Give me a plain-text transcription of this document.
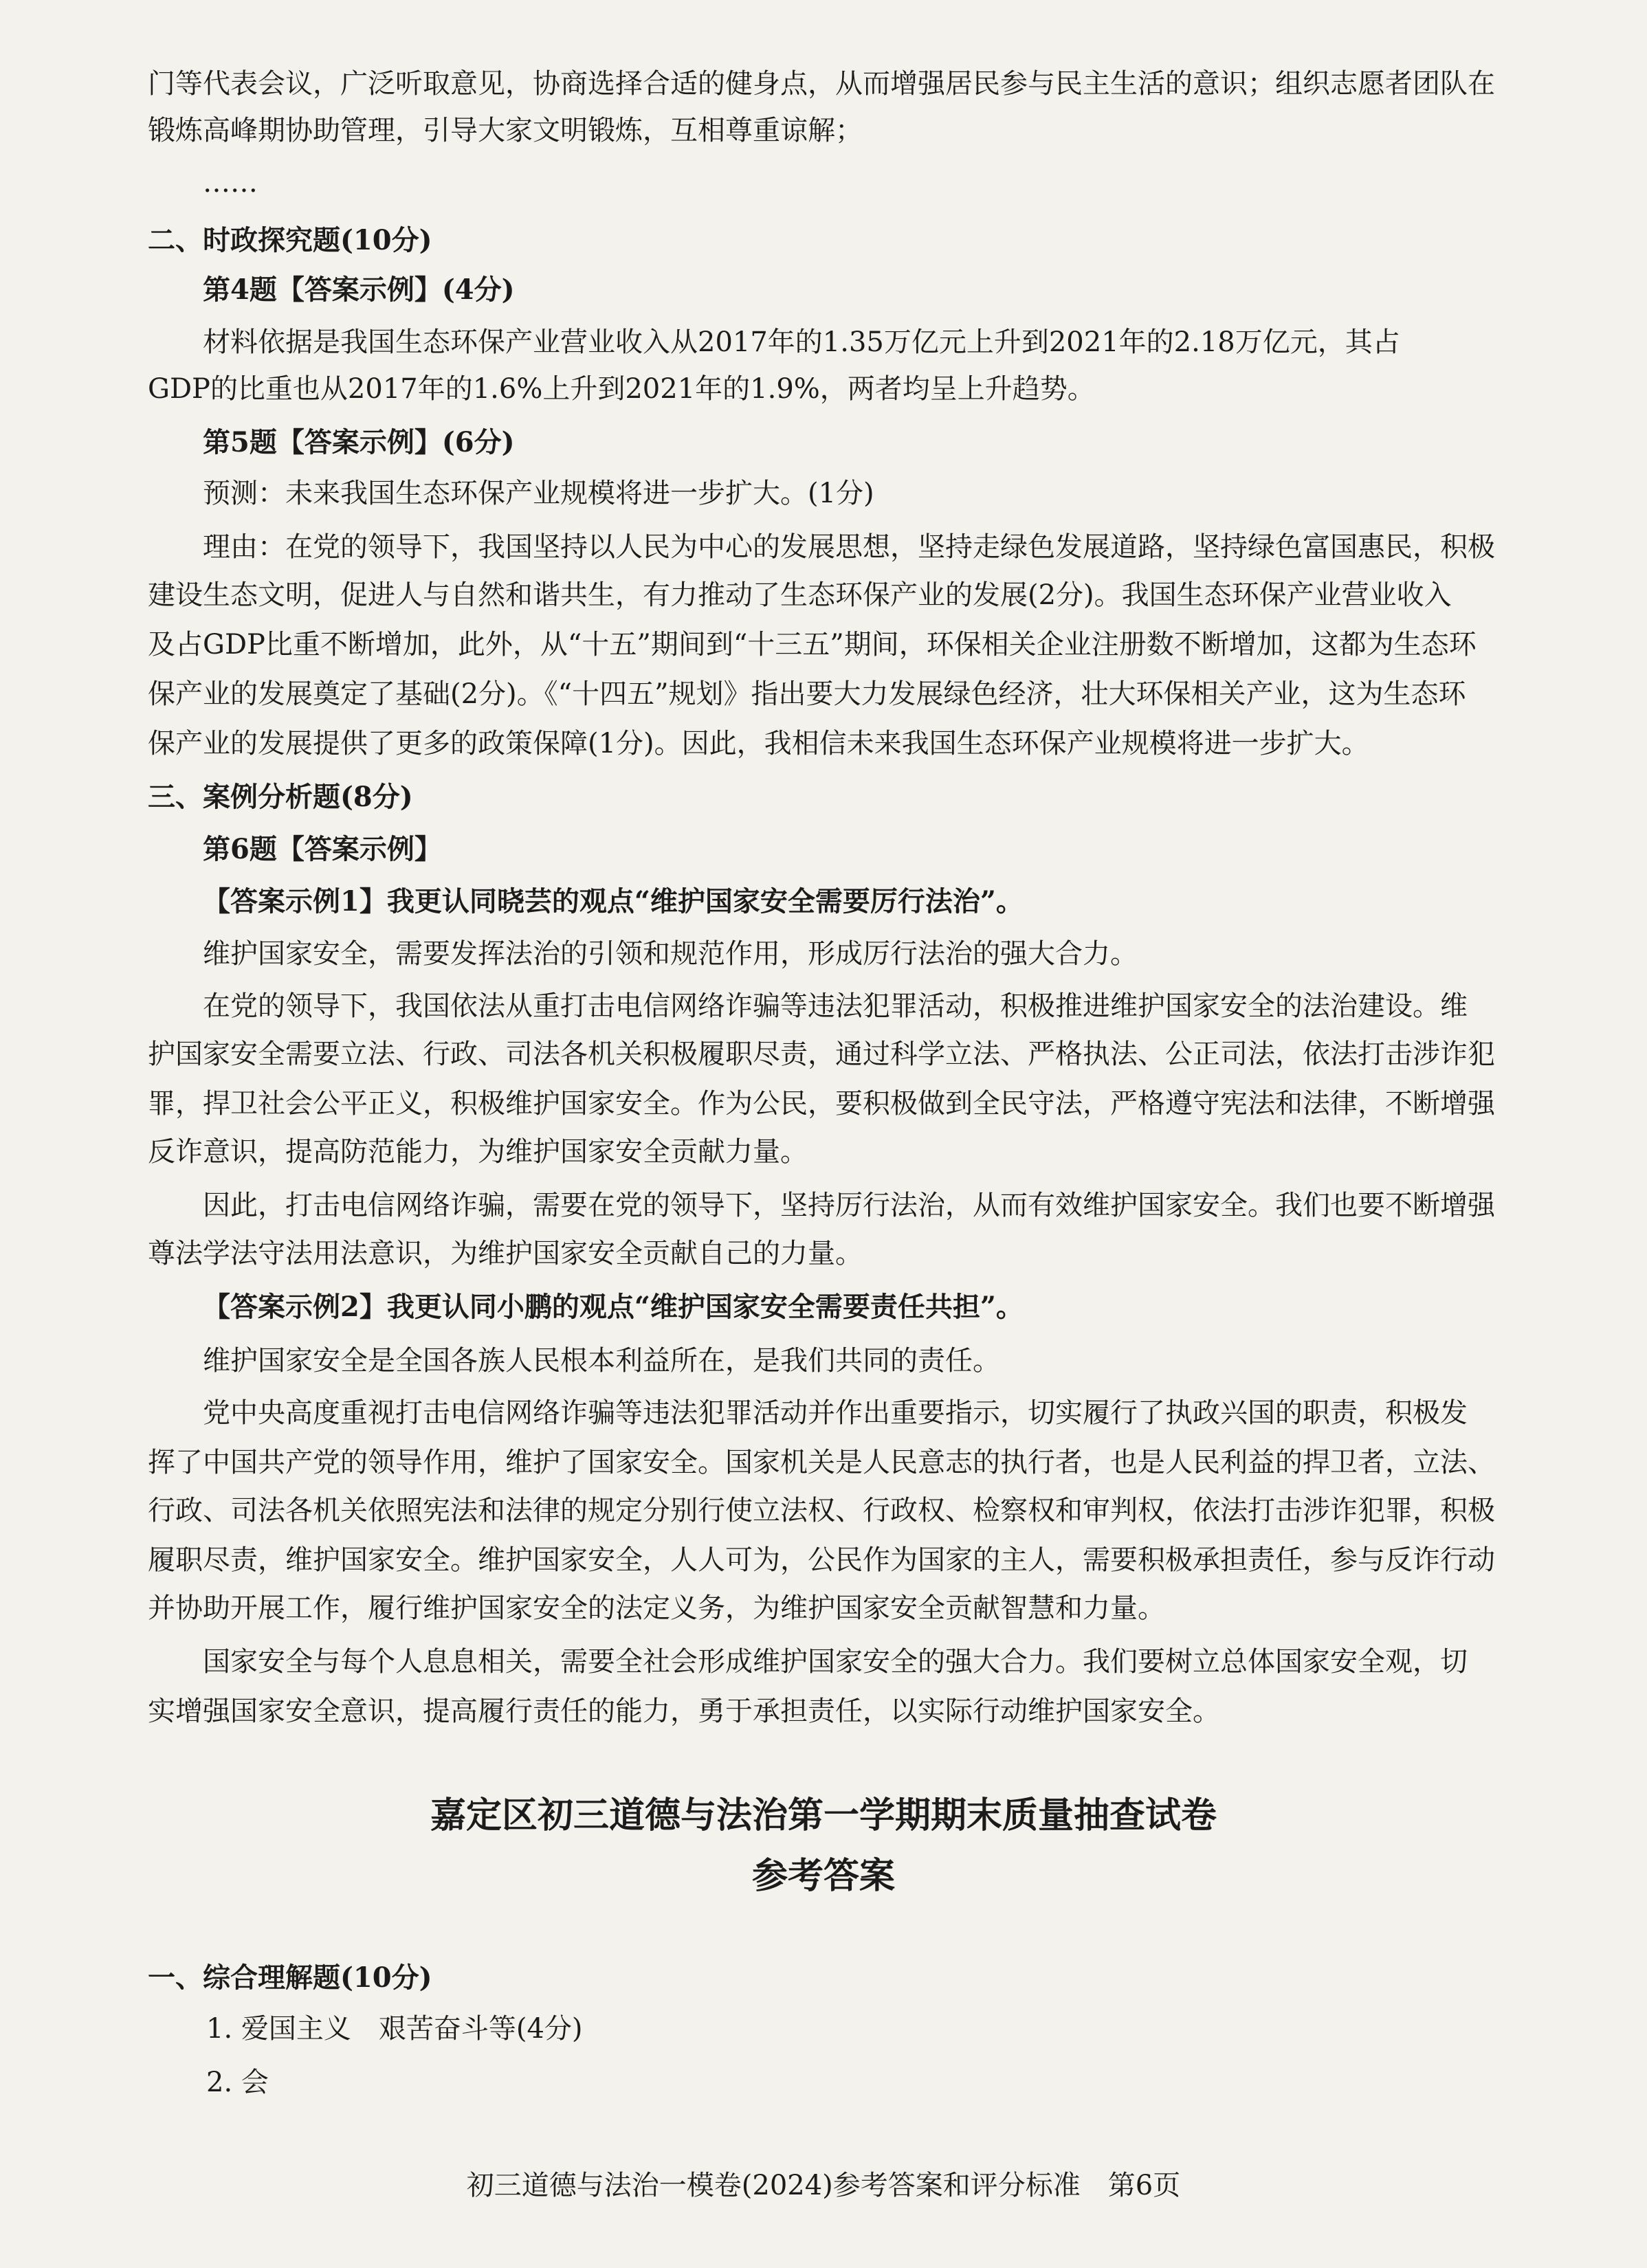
门等代表会议，广泛听取意见，协商选择合适的健身点，从而增强居民参与民主生活的意识；组织志愿者团队在
锻炼高峰期协助管理，引导大家文明锻炼，互相尊重谅解；
……
二、时政探究题(10分)
第4题【答案示例】(4分)
材料依据是我国生态环保产业营业收入从2017年的1.35万亿元上升到2021年的2.18万亿元，其占
GDP的比重也从2017年的1.6%上升到2021年的1.9%，两者均呈上升趋势。
第5题【答案示例】(6分)
预测：未来我国生态环保产业规模将进一步扩大。(1分)
理由：在党的领导下，我国坚持以人民为中心的发展思想，坚持走绿色发展道路，坚持绿色富国惠民，积极
建设生态文明，促进人与自然和谐共生，有力推动了生态环保产业的发展(2分)。我国生态环保产业营业收入
及占GDP比重不断增加，此外，从“十五”期间到“十三五”期间，环保相关企业注册数不断增加，这都为生态环
保产业的发展奠定了基础(2分)。《“十四五”规划》指出要大力发展绿色经济，壮大环保相关产业，这为生态环
保产业的发展提供了更多的政策保障(1分)。因此，我相信未来我国生态环保产业规模将进一步扩大。
三、案例分析题(8分)
第6题【答案示例】
【答案示例1】我更认同晓芸的观点“维护国家安全需要厉行法治”。
维护国家安全，需要发挥法治的引领和规范作用，形成厉行法治的强大合力。
在党的领导下，我国依法从重打击电信网络诈骗等违法犯罪活动，积极推进维护国家安全的法治建设。维
护国家安全需要立法、行政、司法各机关积极履职尽责，通过科学立法、严格执法、公正司法，依法打击涉诈犯
罪，捍卫社会公平正义，积极维护国家安全。作为公民，要积极做到全民守法，严格遵守宪法和法律，不断增强
反诈意识，提高防范能力，为维护国家安全贡献力量。
因此，打击电信网络诈骗，需要在党的领导下，坚持厉行法治，从而有效维护国家安全。我们也要不断增强
尊法学法守法用法意识，为维护国家安全贡献自己的力量。
【答案示例2】我更认同小鹏的观点“维护国家安全需要责任共担”。
维护国家安全是全国各族人民根本利益所在，是我们共同的责任。
党中央高度重视打击电信网络诈骗等违法犯罪活动并作出重要指示，切实履行了执政兴国的职责，积极发
挥了中国共产党的领导作用，维护了国家安全。国家机关是人民意志的执行者，也是人民利益的捍卫者，立法、
行政、司法各机关依照宪法和法律的规定分别行使立法权、行政权、检察权和审判权，依法打击涉诈犯罪，积极
履职尽责，维护国家安全。维护国家安全，人人可为，公民作为国家的主人，需要积极承担责任，参与反诈行动
并协助开展工作，履行维护国家安全的法定义务，为维护国家安全贡献智慧和力量。
国家安全与每个人息息相关，需要全社会形成维护国家安全的强大合力。我们要树立总体国家安全观，切
实增强国家安全意识，提高履行责任的能力，勇于承担责任，以实际行动维护国家安全。
嘉定区初三道德与法治第一学期期末质量抽查试卷
参考答案
一、综合理解题(10分)
1. 爱国主义　艰苦奋斗等(4分)
2. 会
初三道德与法治一模卷(2024)参考答案和评分标准　第6页
